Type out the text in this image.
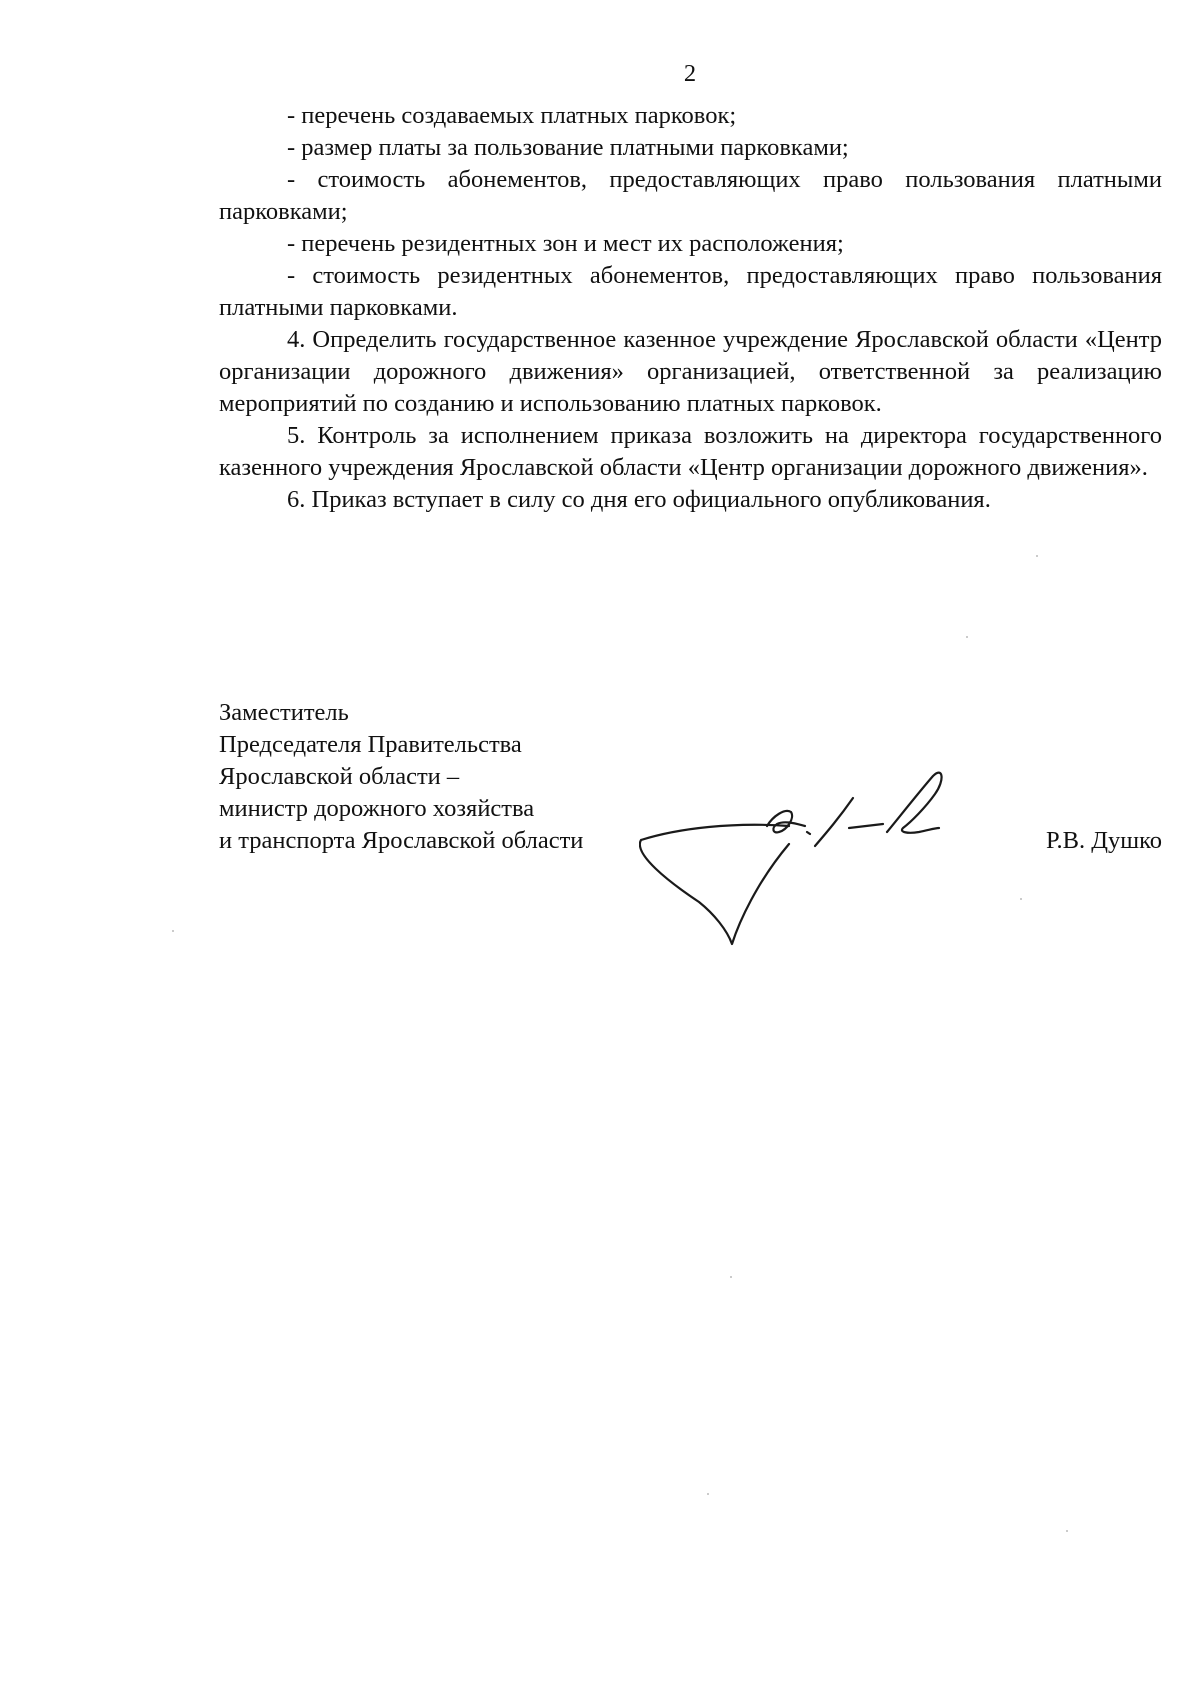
2

- перечень создаваемых платных парковок;

- размер платы за пользование платными парковками;

- стоимость абонементов, предоставляющих право пользования платными парковками;

- перечень резидентных зон и мест их расположения;

- стоимость резидентных абонементов, предоставляющих право пользования платными парковками.

4. Определить государственное казенное учреждение Ярославской области «Центр организации дорожного движения» организацией, ответственной за реализацию мероприятий по созданию и использованию платных парковок.

5. Контроль за исполнением приказа возложить на директора государственного казенного учреждения Ярославской области «Центр организации дорожного движения».

6. Приказ вступает в силу со дня его официального опубликования.

Заместитель
Председателя Правительства
Ярославской области –
министр дорожного хозяйства
и транспорта Ярославской области	Р.В. Душко
